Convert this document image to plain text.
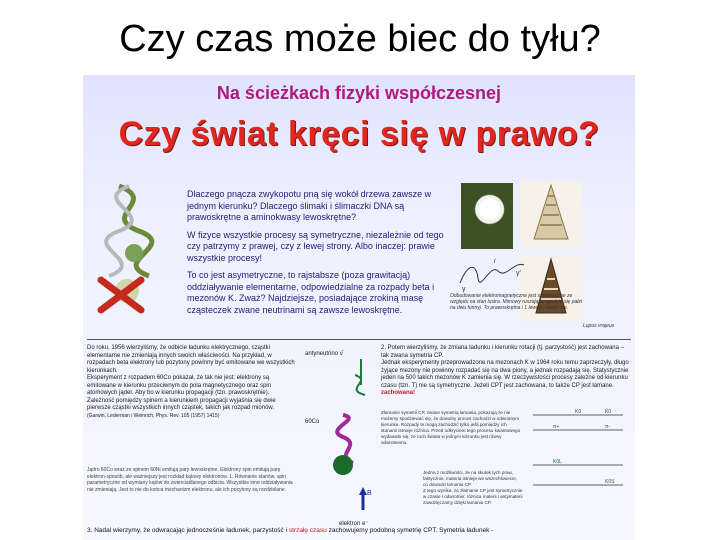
Czy czas może biec do tyłu?
Na ścieżkach fizyki współczesnej
Czy świat kręci się w prawo?

Dlaczego pnącza zwykopotu pną się wokół drzewa zawsze w jednym kierunku? Dlaczego ślimaki i ślimaczki DNA są prawoskrętne a aminokwasy lewoskrętne?

W fizyce wszystkie procesy są symetryczne, niezależnie od tego czy patrzymy z prawej, czy z lewej strony. Albo inaczej: prawie wszystkie procesy!

To co jest asymetryczne, to rajstabsze (poza grawitacją) oddziaływanie elementarne, odpowiedzialne za rozpady beta i mezonów K. Zważ? Najdziejsze, posiadające zrokiną masę cząsteczek zwane neutrinami są zawsze lewoskrętne.

γ
γ'
r
Odbudowanie elektromagnetyczne jest symetryczne ze względu na stan lustra. Mimowy ruszają wrogodzie się pałzi na dwu funnyj. To prawoskrętna i 1 lewdzi, wiedzi się.
Lupus vrajeus
Do roku, 1956 wierzyliśmy, że odbicie ładunku elektrycznego, cząstki elementarne nie zmieniają innych swoich właściwości. Na przykład, w rozpadach beta elektrony lub pozytony powinny być emitowane we wszystkich kierunkach.
Eksperyment z rozpadem 60Co pokazał, że tak nie jest: elektrony są emitowane w kierunku przeciwnym do pola magnetycznego oraz spin atomowych jąder. Aby bo w kierunku propagacji (tzn. prawoskrętnie).
Zależność pomiędzy spinem a kierunkiem propagacji wyjaśnia się dwie pierwsze cząstki wszystkich innych cząstek, takich jak rozpad mionów.
(Garwin, Lederman i Weinrich, Phys. Rev. 105 (1957) 1415)
Jądro 60Co wraz ze spinem 60Ni emitują pary lewoskrętne. Elektrony spin emitują parę elektron-sposób, ale ważniejszy jest rozkład kątowy elektronów. 1. Równanie stanów, spin parametryczne od wymiany kątów do zwierciadlanego odbicia. Wszystkie inne oddziaływania nie zmieniają. Jest to nie do końca mechanizm elektronu, ale ich pozytony są rozdzielane.
antyneutrino ν̄
60Co
B
elektron e⁻
2. Potem wierzyliśmy, że zmiana ładunku i kierunku rotacji (tj. parzystość) jest zachowana – tak zwana symetria CP.
Jednak eksperymenty przeprowadzone na mezonach K w 1964 roku temu zaprzeczyły, długo żyjące mezony nie powinny rozpadać się na dwa piony, a jednak rozpadają się. Statystycznie jeden na 500 takich mezonów K zamienia się. W rzeczywistości procesy zależne od kierunku czasu (tzn. T) nie są symetryczne. Jeżeli CPT jest zachowana, to także CP jest łamane.
zachowana!
Złamanie symetrii CP, zwane symetrią łamania, pokazują że nie możemy spodziewać się, że dowolny proces zachodzi w odwrotnym kierunku. Rozpady te mogą zachodzić tylko jeśli pomiędzy ich stanami istnieje różnica. Przed odkryciem tego procesu kwantowego wydawało się, że ruch świata w jednym kierunku jest równy odwrotnemu.
Jedna z możliwości, że na skutek tych praw, faktycznie, materia istnieje we wszechświecie, co dowodzi łamania CP.
Z tego wynika, że złamanie CP jest symetrycznie w czasie i odwrotnie: różnica materii i antymaterii zawdzięczamy dzięki łamaniu CP.
K0	K̄0
π+	π-
K0L
K0S
3. Nadal wierzymy, że odwracając jednocześnie ładunek, parzystość i strzałę czasu zachowujemy podobną symetrię CPT. Symetria ładunek -
